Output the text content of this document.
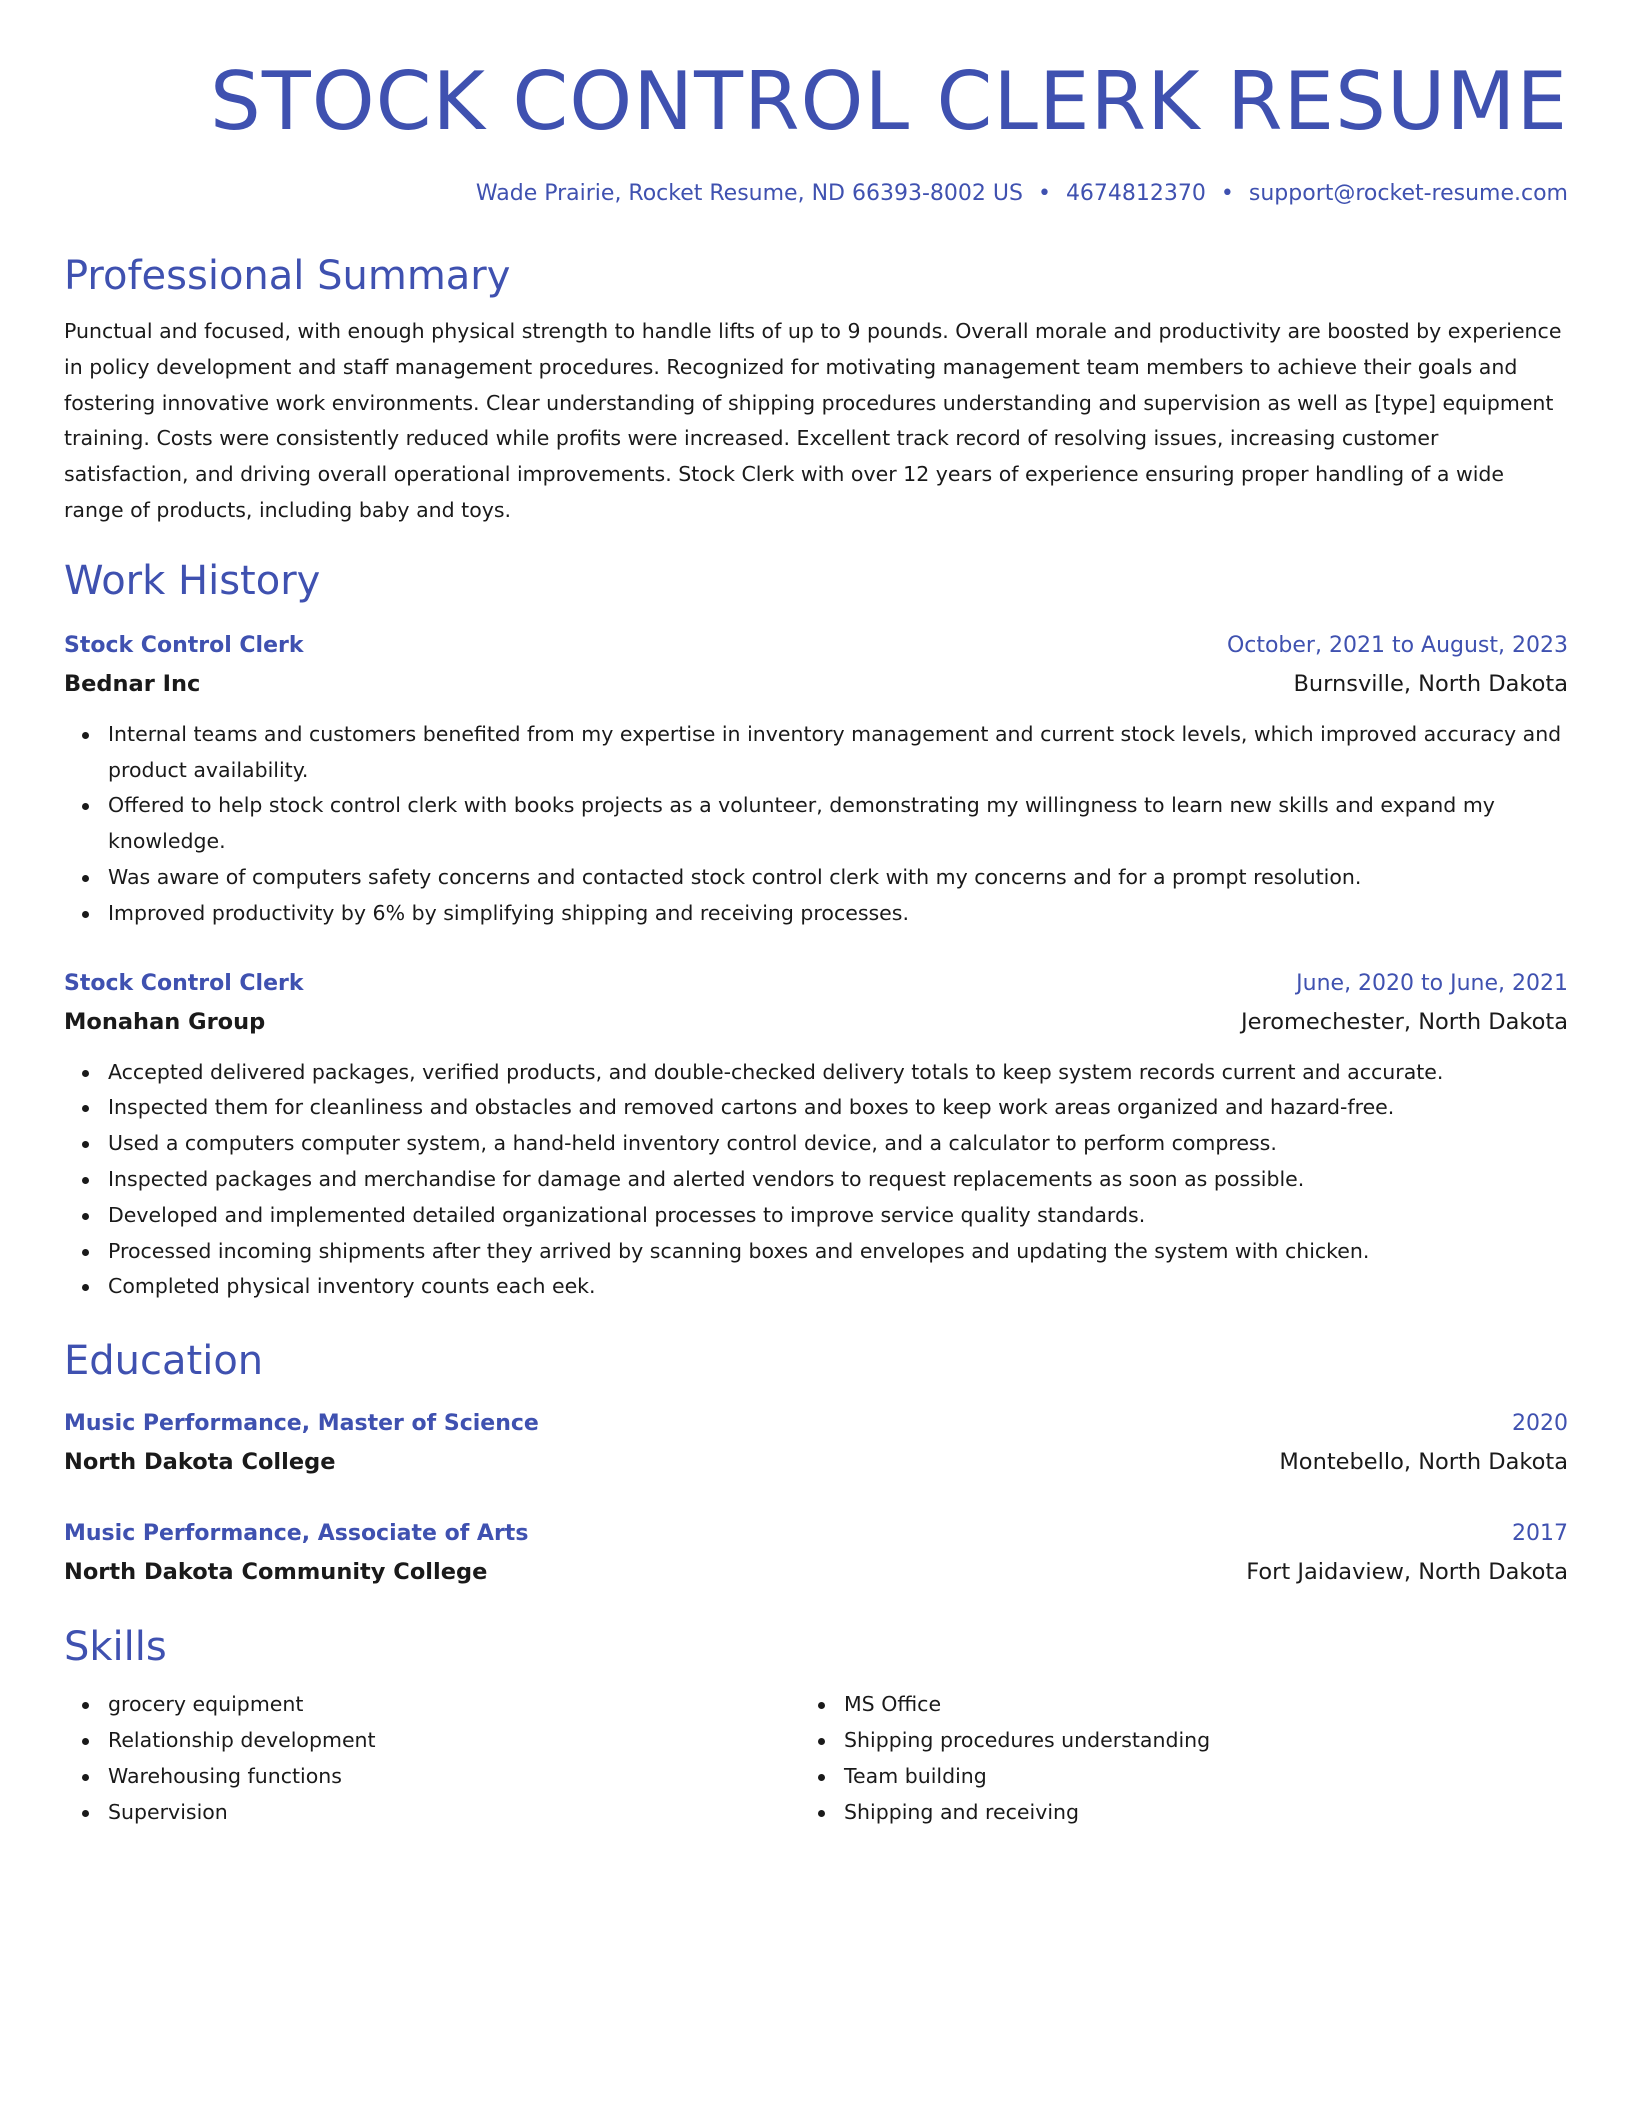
STOCK CONTROL CLERK RESUME
Wade Prairie, Rocket Resume, ND 66393-8002 US • 4674812370 • support@rocket-resume.com
Professional Summary

Punctual and focused, with enough physical strength to handle lifts of up to 9 pounds. Overall morale and productivity are boosted by experience in policy development and staff management procedures. Recognized for motivating management team members to achieve their goals and fostering innovative work environments. Clear understanding of shipping procedures understanding and supervision as well as [type] equipment training. Costs were consistently reduced while profits were increased. Excellent track record of resolving issues, increasing customer satisfaction, and driving overall operational improvements. Stock Clerk with over 12 years of experience ensuring proper handling of a wide range of products, including baby and toys.

Work History
Stock Control Clerk	October, 2021 to August, 2023
Bednar Inc	Burnsville, North Dakota
Internal teams and customers benefited from my expertise in inventory management and current stock levels, which improved accuracy and product availability.
Offered to help stock control clerk with books projects as a volunteer, demonstrating my willingness to learn new skills and expand my knowledge.
Was aware of computers safety concerns and contacted stock control clerk with my concerns and for a prompt resolution.
Improved productivity by 6% by simplifying shipping and receiving processes.
Stock Control Clerk	June, 2020 to June, 2021
Monahan Group	Jeromechester, North Dakota
Accepted delivered packages, verified products, and double-checked delivery totals to keep system records current and accurate.
Inspected them for cleanliness and obstacles and removed cartons and boxes to keep work areas organized and hazard-free.
Used a computers computer system, a hand-held inventory control device, and a calculator to perform compress.
Inspected packages and merchandise for damage and alerted vendors to request replacements as soon as possible.
Developed and implemented detailed organizational processes to improve service quality standards.
Processed incoming shipments after they arrived by scanning boxes and envelopes and updating the system with chicken.
Completed physical inventory counts each eek.
Education
Music Performance, Master of Science	2020
North Dakota College	Montebello, North Dakota
Music Performance, Associate of Arts	2017
North Dakota Community College	Fort Jaidaview, North Dakota
Skills
grocery equipment
Relationship development
Warehousing functions
Supervision
MS Office
Shipping procedures understanding
Team building
Shipping and receiving
